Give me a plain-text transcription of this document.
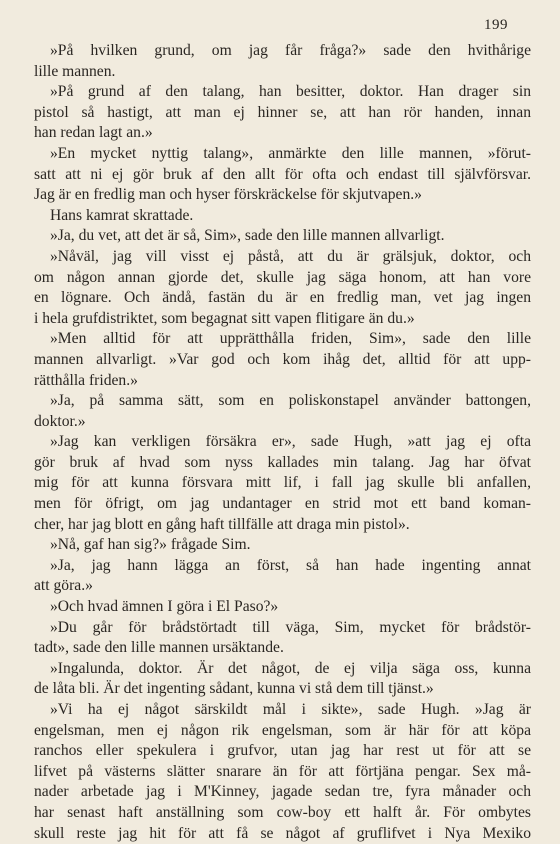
199
»På hvilken grund, om jag får fråga?» sade den hvithårige
lille mannen.
»På grund af den talang, han besitter, doktor. Han drager sin
pistol så hastigt, att man ej hinner se, att han rör handen, innan
han redan lagt an.»
»En mycket nyttig talang», anmärkte den lille mannen, »förut-
satt att ni ej gör bruk af den allt för ofta och endast till självförsvar.
Jag är en fredlig man och hyser förskräckelse för skjutvapen.»
Hans kamrat skrattade.
»Ja, du vet, att det är så, Sim», sade den lille mannen allvarligt.
»Nåväl, jag vill visst ej påstå, att du är grälsjuk, doktor, och
om någon annan gjorde det, skulle jag säga honom, att han vore
en lögnare. Och ändå, fastän du är en fredlig man, vet jag ingen
i hela grufdistriktet, som begagnat sitt vapen flitigare än du.»
»Men alltid för att upprätthålla friden, Sim», sade den lille
mannen allvarligt. »Var god och kom ihåg det, alltid för att upp-
rätthålla friden.»
»Ja, på samma sätt, som en poliskonstapel använder battongen,
doktor.»
»Jag kan verkligen försäkra er», sade Hugh, »att jag ej ofta
gör bruk af hvad som nyss kallades min talang. Jag har öfvat
mig för att kunna försvara mitt lif, i fall jag skulle bli anfallen,
men för öfrigt, om jag undantager en strid mot ett band koman-
cher, har jag blott en gång haft tillfälle att draga min pistol».
»Nå, gaf han sig?» frågade Sim.
»Ja, jag hann lägga an först, så han hade ingenting annat
att göra.»
»Och hvad ämnen I göra i El Paso?»
»Du går för brådstörtadt till väga, Sim, mycket för brådstör-
tadt», sade den lille mannen ursäktande.
»Ingalunda, doktor. Är det något, de ej vilja säga oss, kunna
de låta bli. Är det ingenting sådant, kunna vi stå dem till tjänst.»
»Vi ha ej något särskildt mål i sikte», sade Hugh. »Jag är
engelsman, men ej någon rik engelsman, som är här för att köpa
ranchos eller spekulera i grufvor, utan jag har rest ut för att se
lifvet på västerns slätter snarare än för att förtjäna pengar. Sex må-
nader arbetade jag i M'Kinney, jagade sedan tre, fyra månader och
har senast haft anställning som cow-boy ett halft år. För ombytes
skull reste jag hit för att få se något af gruflifvet i Nya Mexiko
